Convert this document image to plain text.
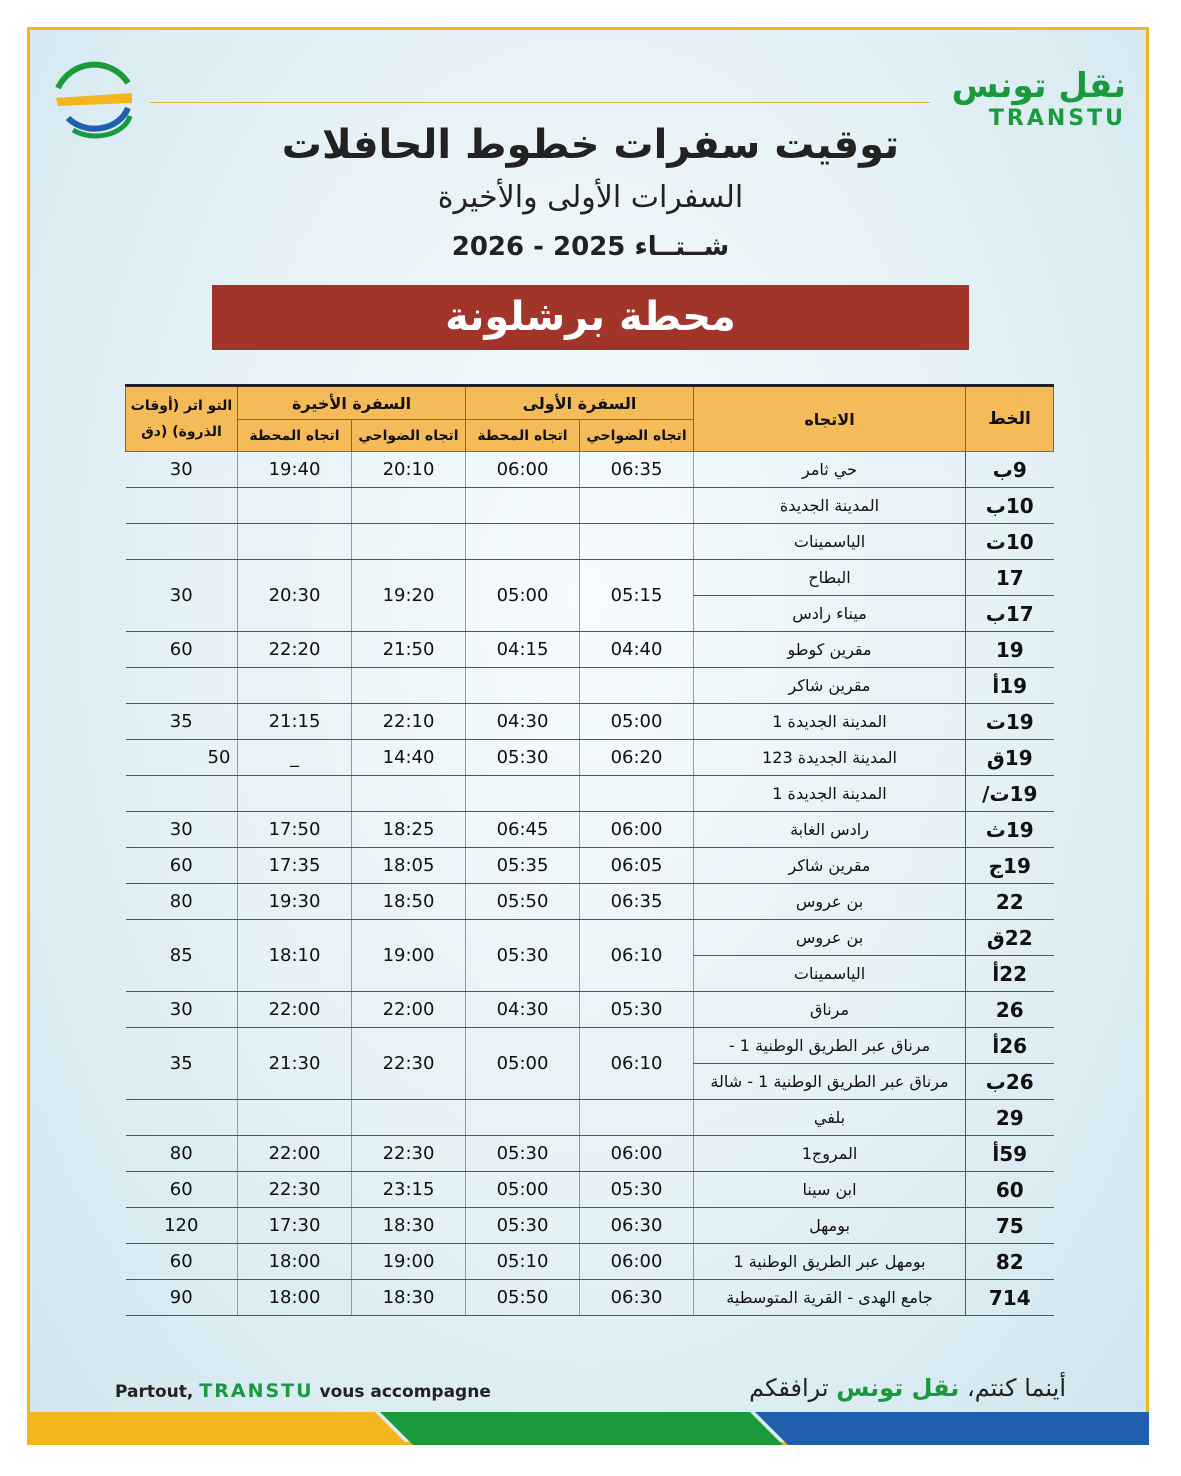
نقل تونس
TRANSTU
توقيت سفرات خطوط الحافلات
السفرات الأولى والأخيرة
شــتــاء 2025 - 2026
محطة برشلونة
الخط	الاتجاه	السفرة الأولى		السفرة الأخيرة		التو اتر (أوقات
الذروة) (دق

		اتجاه الضواحي	اتجاه المحطة	اتجاه الضواحي	اتجاه المحطة	
9ب	حي ثامر	06:35	06:00	20:10	19:40	30
10ب	المدينة الجديدة					
10ت	الياسمينات					
17	البطاح	05:15	05:00	19:20	20:30	30
17ب	ميناء رادس					
19	مقرين كوطو	04:40	04:15	21:50	22:20	60
19أ	مقرين شاكر					
19ت	المدينة الجديدة 1	05:00	04:30	22:10	21:15	35
19ق	المدينة الجديدة 123	06:20	05:30	14:40	_	50
19ت/	المدينة الجديدة 1					
19ث	رادس الغابة	06:00	06:45	18:25	17:50	30
19ج	مقرين شاكر	06:05	05:35	18:05	17:35	60
22	بن عروس	06:35	05:50	18:50	19:30	80
22ق	بن عروس	06:10	05:30	19:00	18:10	85
22أ	الياسمينات					
26	مرناق	05:30	04:30	22:00	22:00	30
26أ	مرناق عبر الطريق الوطنية 1 -	06:10	05:00	22:30	21:30	35
26ب	مرناق عبر الطريق الوطنية 1 - شالة					
29	بلفي					
59أ	المروج1	06:00	05:30	22:30	22:00	80
60	ابن سينا	05:30	05:00	23:15	22:30	60
75	بومهل	06:30	05:30	18:30	17:30	120
82	بومهل عبر الطريق الوطنية 1	06:00	05:10	19:00	18:00	60
714	جامع الهدى - القرية المتوسطية	06:30	05:50	18:30	18:00	90
Partout, TRANSTU vous accompagne	أينما كنتم، نقل تونس ترافقكم
